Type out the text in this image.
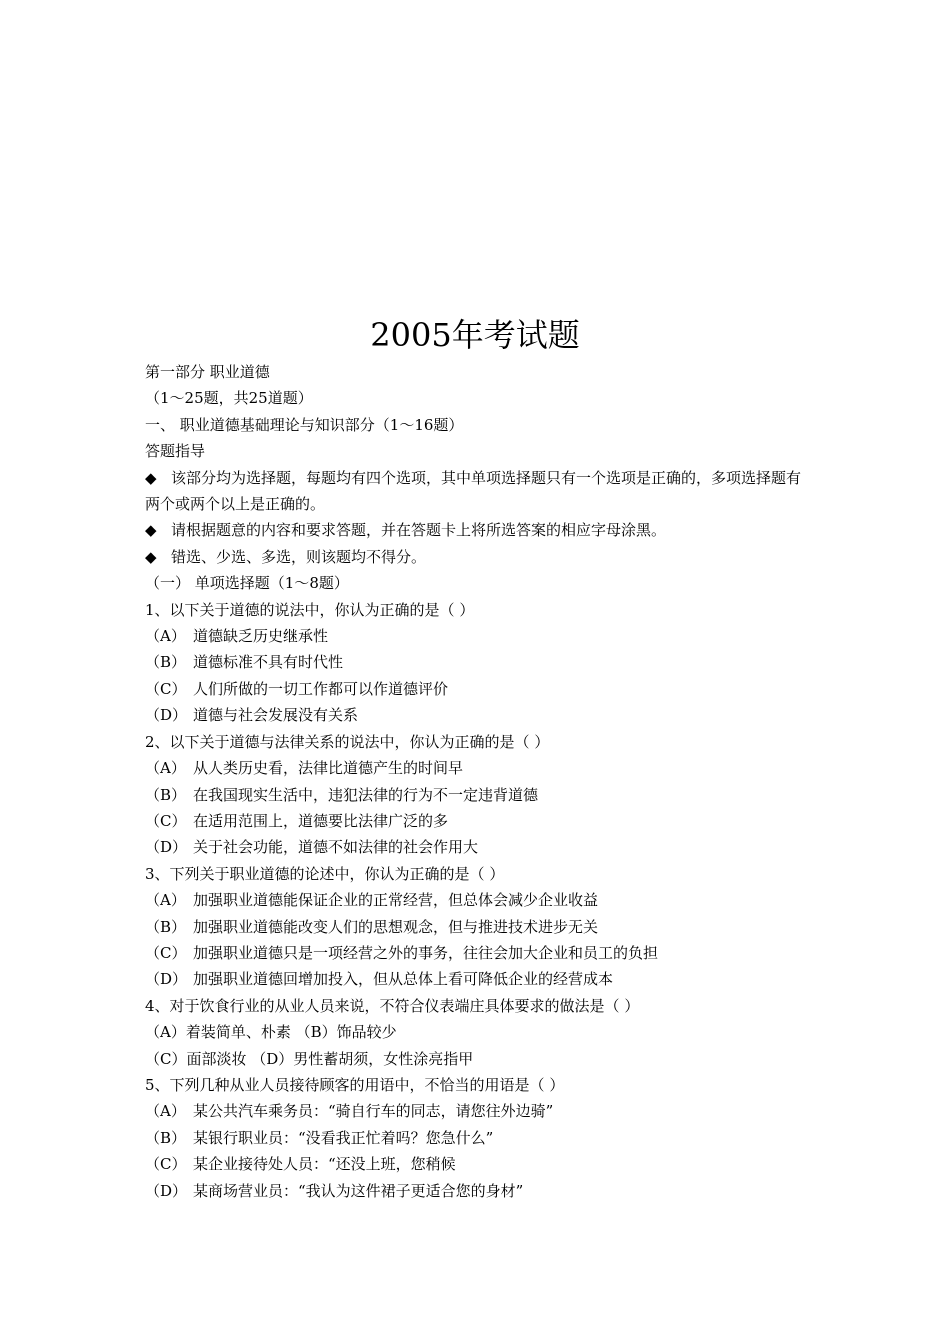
2005年考试题
第一部分 职业道德
（1～25题，共25道题）
一、 职业道德基础理论与知识部分（1～16题）
答题指导
◆ 该部分均为选择题，每题均有四个选项，其中单项选择题只有一个选项是正确的，多项选择题有两个或两个以上是正确的。
◆ 请根据题意的内容和要求答题，并在答题卡上将所选答案的相应字母涂黑。
◆ 错选、少选、多选，则该题均不得分。
（一） 单项选择题（1～8题）
1、以下关于道德的说法中，你认为正确的是（ ）
（A） 道德缺乏历史继承性
（B） 道德标准不具有时代性
（C） 人们所做的一切工作都可以作道德评价
（D） 道德与社会发展没有关系
2、以下关于道德与法律关系的说法中，你认为正确的是（ ）
（A） 从人类历史看，法律比道德产生的时间早
（B） 在我国现实生活中，违犯法律的行为不一定违背道德
（C） 在适用范围上，道德要比法律广泛的多
（D） 关于社会功能，道德不如法律的社会作用大
3、下列关于职业道德的论述中，你认为正确的是（ ）
（A） 加强职业道德能保证企业的正常经营，但总体会减少企业收益
（B） 加强职业道德能改变人们的思想观念，但与推进技术进步无关
（C） 加强职业道德只是一项经营之外的事务，往往会加大企业和员工的负担
（D） 加强职业道德回增加投入，但从总体上看可降低企业的经营成本
4、对于饮食行业的从业人员来说，不符合仪表端庄具体要求的做法是（ ）
（A）着装简单、朴素 （B）饰品较少
（C）面部淡妆 （D）男性蓄胡须，女性涂亮指甲
5、下列几种从业人员接待顾客的用语中，不恰当的用语是（ ）
（A） 某公共汽车乘务员：“骑自行车的同志，请您往外边骑”
（B） 某银行职业员：“没看我正忙着吗？您急什么”
（C） 某企业接待处人员：“还没上班，您稍候
（D） 某商场营业员：“我认为这件裙子更适合您的身材”
